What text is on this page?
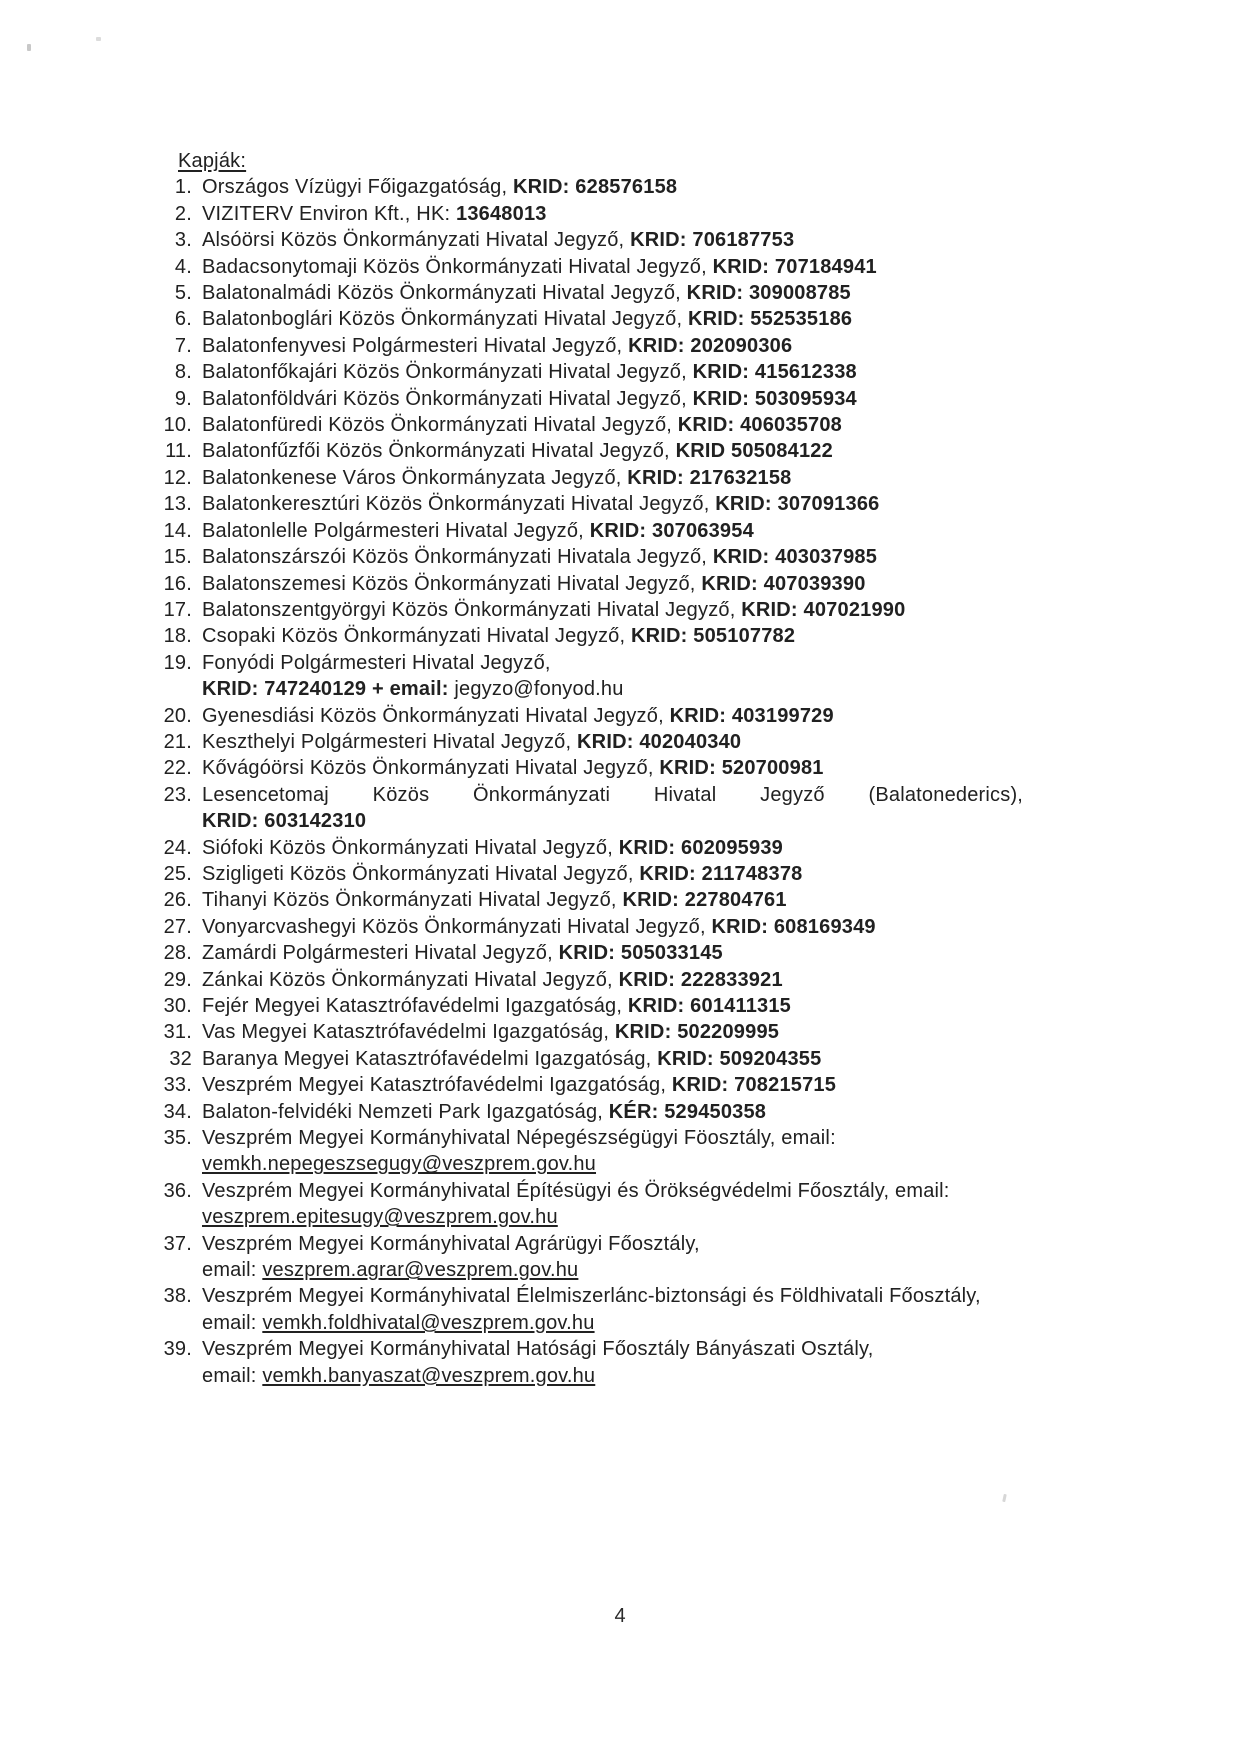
Kapják:
1. Országos Vízügyi Főigazgatóság, KRID: 628576158
2. VIZITERV Environ Kft., HK: 13648013
3. Alsóörsi Közös Önkormányzati Hivatal Jegyző, KRID: 706187753
4. Badacsonytomaji Közös Önkormányzati Hivatal Jegyző, KRID: 707184941
5. Balatonalmádi Közös Önkormányzati Hivatal Jegyző, KRID: 309008785
6. Balatonboglári Közös Önkormányzati Hivatal Jegyző, KRID: 552535186
7. Balatonfenyvesi Polgármesteri Hivatal Jegyző, KRID: 202090306
8. Balatonfőkajári Közös Önkormányzati Hivatal Jegyző, KRID: 415612338
9. Balatonföldvári Közös Önkormányzati Hivatal Jegyző, KRID: 503095934
10. Balatonfüredi Közös Önkormányzati Hivatal Jegyző, KRID: 406035708
11. Balatonfűzfői Közös Önkormányzati Hivatal Jegyző, KRID 505084122
12. Balatonkenese Város Önkormányzata Jegyző, KRID: 217632158
13. Balatonkeresztúri Közös Önkormányzati Hivatal Jegyző, KRID: 307091366
14. Balatonlelle Polgármesteri Hivatal Jegyző, KRID: 307063954
15. Balatonszárszói Közös Önkormányzati Hivatala Jegyző, KRID: 403037985
16. Balatonszemesi Közös Önkormányzati Hivatal Jegyző, KRID: 407039390
17. Balatonszentgyörgyi Közös Önkormányzati Hivatal Jegyző, KRID: 407021990
18. Csopaki Közös Önkormányzati Hivatal Jegyző, KRID: 505107782
19. Fonyódi Polgármesteri Hivatal Jegyző,
KRID: 747240129 + email: jegyzo@fonyod.hu
20. Gyenesdiási Közös Önkormányzati Hivatal Jegyző, KRID: 403199729
21. Keszthelyi Polgármesteri Hivatal Jegyző, KRID: 402040340
22. Kővágóörsi Közös Önkormányzati Hivatal Jegyző, KRID: 520700981
23. Lesencetomaj Közös Önkormányzati Hivatal Jegyző (Balatonederics),
KRID: 603142310
24. Siófoki Közös Önkormányzati Hivatal Jegyző, KRID: 602095939
25. Szigligeti Közös Önkormányzati Hivatal Jegyző, KRID: 211748378
26. Tihanyi Közös Önkormányzati Hivatal Jegyző, KRID: 227804761
27. Vonyarcvashegyi Közös Önkormányzati Hivatal Jegyző, KRID: 608169349
28. Zamárdi Polgármesteri Hivatal Jegyző, KRID: 505033145
29. Zánkai Közös Önkormányzati Hivatal Jegyző, KRID: 222833921
30. Fejér Megyei Katasztrófavédelmi Igazgatóság, KRID: 601411315
31. Vas Megyei Katasztrófavédelmi Igazgatóság, KRID: 502209995
32 Baranya Megyei Katasztrófavédelmi Igazgatóság, KRID: 509204355
33. Veszprém Megyei Katasztrófavédelmi Igazgatóság, KRID: 708215715
34. Balaton-felvidéki Nemzeti Park Igazgatóság, KÉR: 529450358
35. Veszprém Megyei Kormányhivatal Népegészségügyi Föosztály, email:
vemkh.nepegeszsegugy@veszprem.gov.hu
36. Veszprém Megyei Kormányhivatal Építésügyi és Örökségvédelmi Főosztály, email:
veszprem.epitesugy@veszprem.gov.hu
37. Veszprém Megyei Kormányhivatal Agrárügyi Főosztály,
email: veszprem.agrar@veszprem.gov.hu
38. Veszprém Megyei Kormányhivatal Élelmiszerlánc-biztonsági és Földhivatali Főosztály,
email: vemkh.foldhivatal@veszprem.gov.hu
39. Veszprém Megyei Kormányhivatal Hatósági Főosztály Bányászati Osztály,
email: vemkh.banyaszat@veszprem.gov.hu
4
